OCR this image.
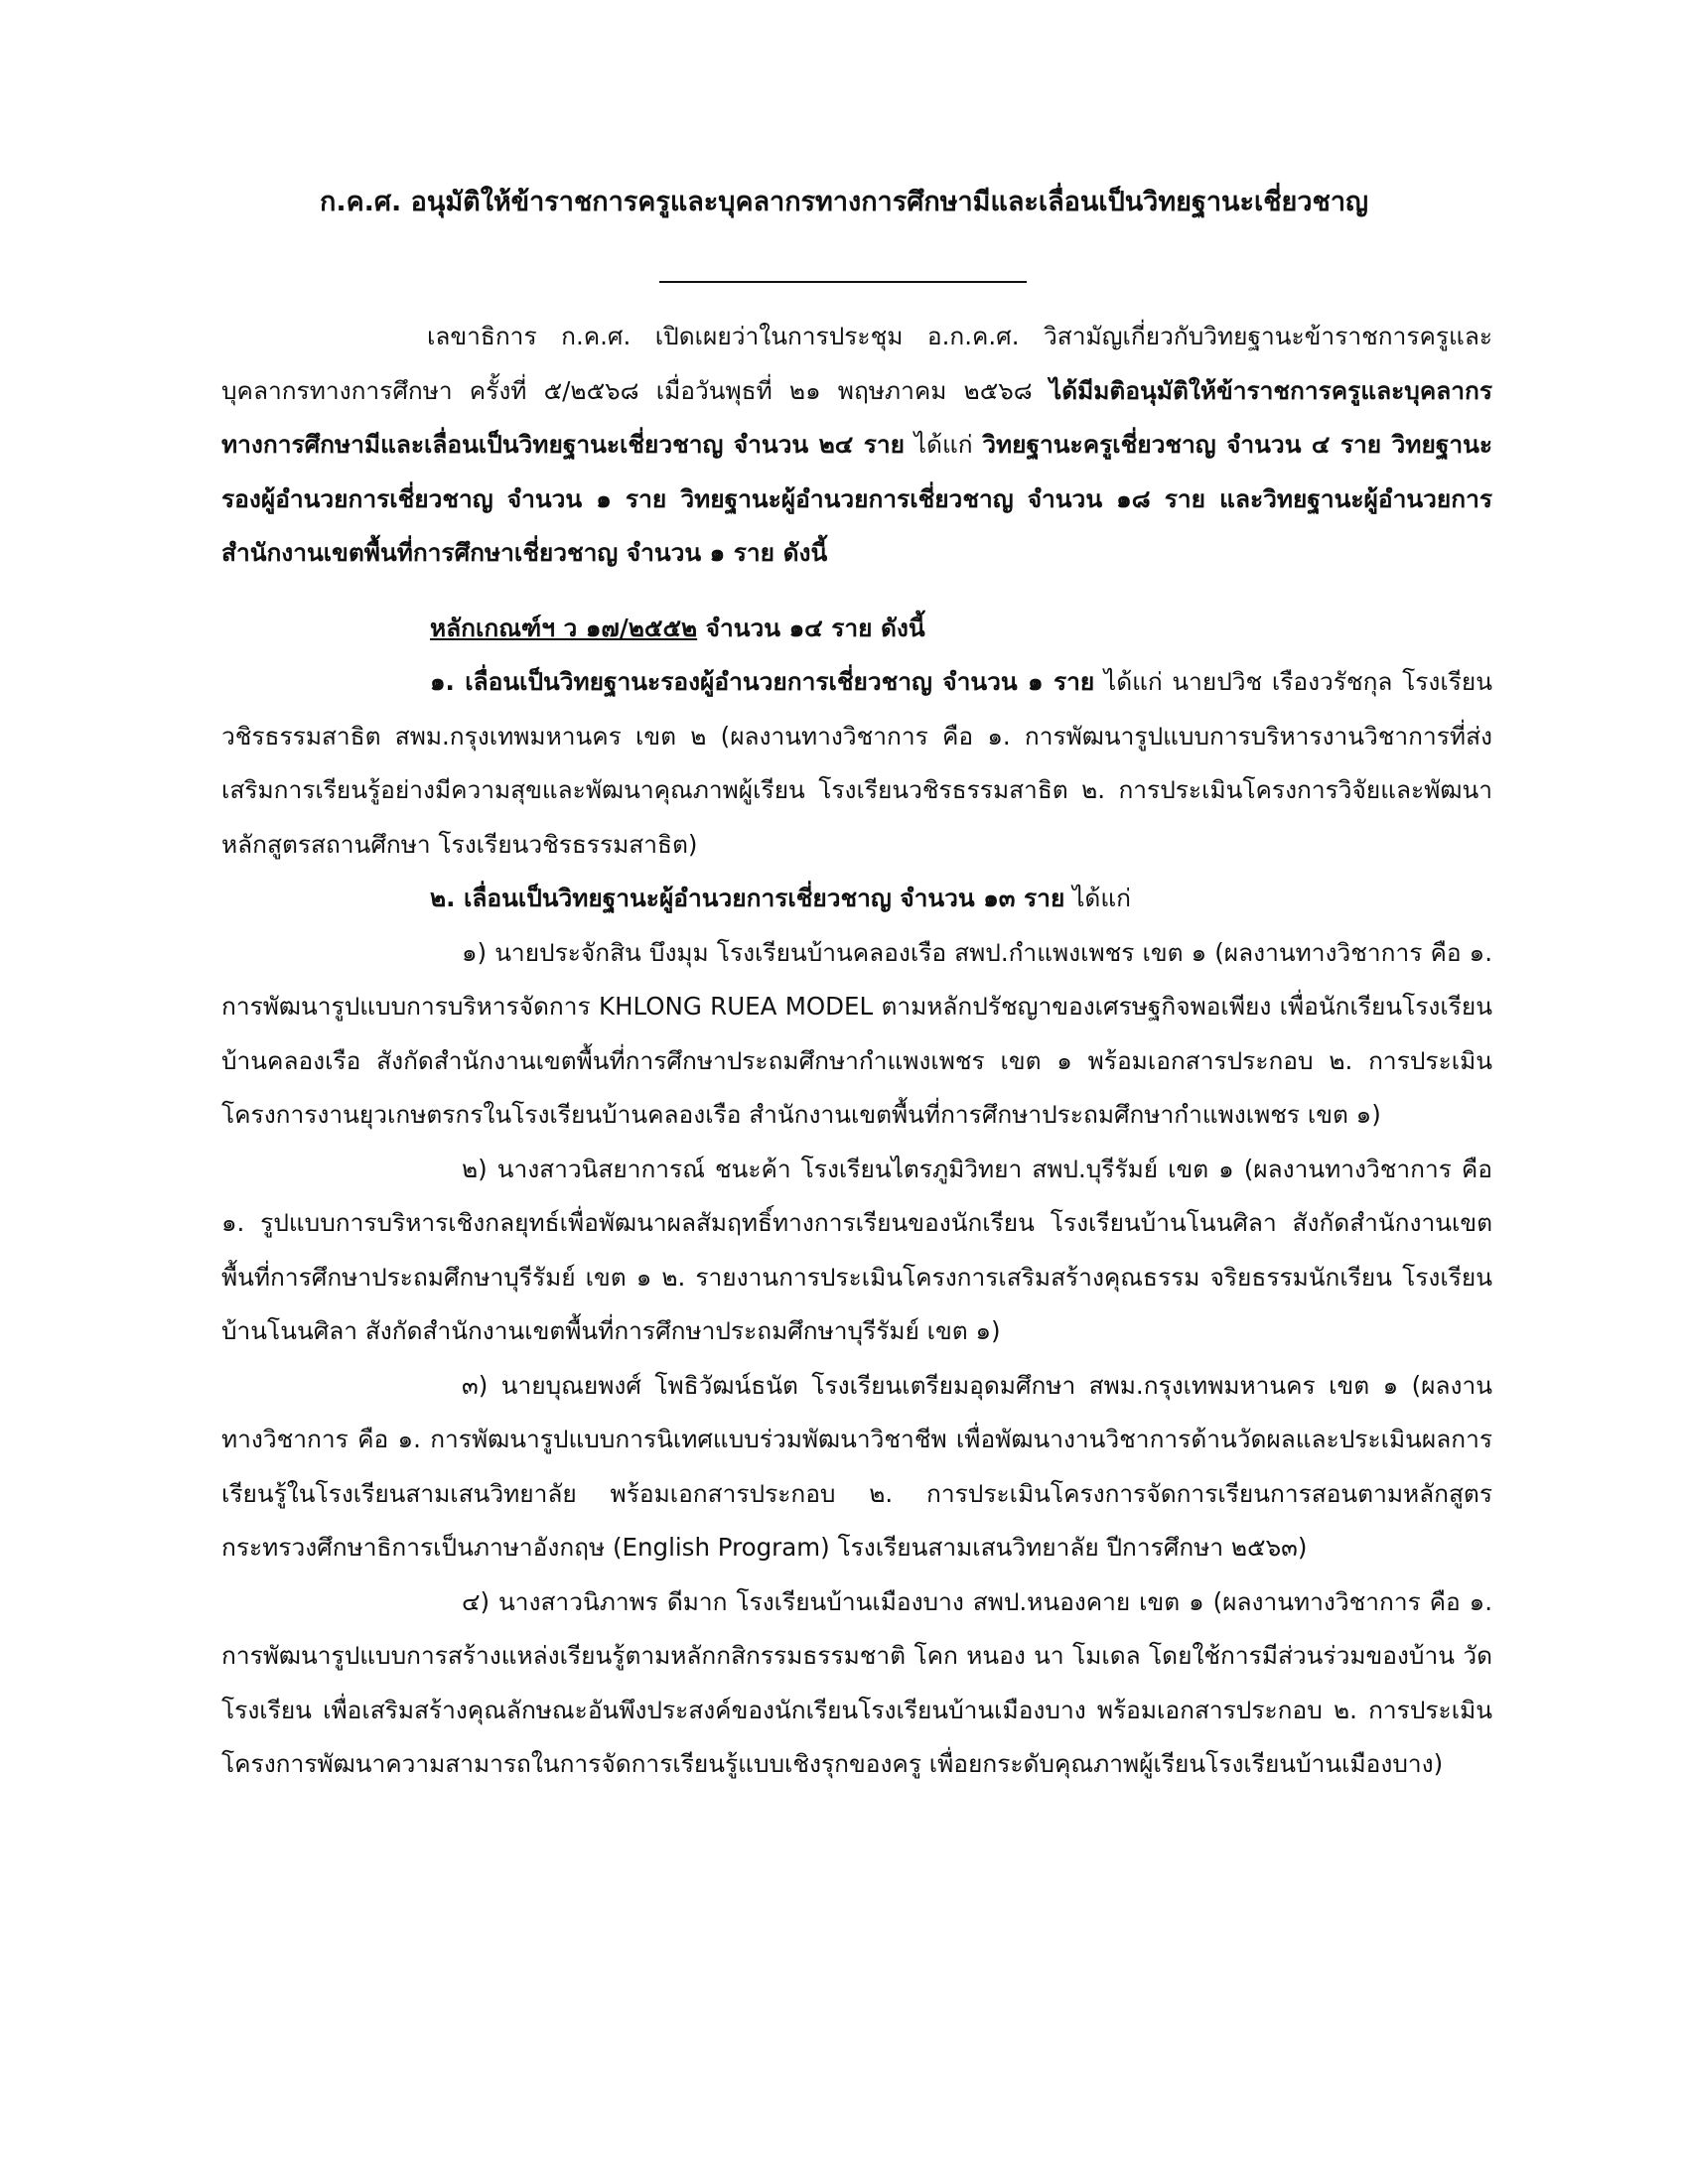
ก.ค.ศ. อนุมัติให้ข้าราชการครูและบุคลากรทางการศึกษามีและเลื่อนเป็นวิทยฐานะเชี่ยวชาญ

เลขาธิการ ก.ค.ศ. เปิดเผยว่าในการประชุม อ.ก.ค.ศ. วิสามัญเกี่ยวกับวิทยฐานะข้าราชการครูและบุคลากรทางการศึกษา ครั้งที่ ๕/๒๕๖๘ เมื่อวันพุธที่ ๒๑ พฤษภาคม ๒๕๖๘ ได้มีมติอนุมัติให้ข้าราชการครูและบุคลากรทางการศึกษามีและเลื่อนเป็นวิทยฐานะเชี่ยวชาญ จำนวน ๒๔ ราย ได้แก่ วิทยฐานะครูเชี่ยวชาญ จำนวน ๔ ราย วิทยฐานะรองผู้อำนวยการเชี่ยวชาญ จำนวน ๑ ราย วิทยฐานะผู้อำนวยการเชี่ยวชาญ จำนวน ๑๘ ราย และวิทยฐานะผู้อำนวยการสำนักงานเขตพื้นที่การศึกษาเชี่ยวชาญ จำนวน ๑ ราย ดังนี้

หลักเกณฑ์ฯ ว ๑๗/๒๕๕๒ จำนวน ๑๔ ราย ดังนี้

๑. เลื่อนเป็นวิทยฐานะรองผู้อำนวยการเชี่ยวชาญ จำนวน ๑ ราย ได้แก่ นายปวิช เรืองวรัชกุล โรงเรียนวชิรธรรมสาธิต สพม.กรุงเทพมหานคร เขต ๒ (ผลงานทางวิชาการ คือ ๑. การพัฒนารูปแบบการบริหารงานวิชาการที่ส่งเสริมการเรียนรู้อย่างมีความสุขและพัฒนาคุณภาพผู้เรียน โรงเรียนวชิรธรรมสาธิต ๒. การประเมินโครงการวิจัยและพัฒนาหลักสูตรสถานศึกษา โรงเรียนวชิรธรรมสาธิต)

๒. เลื่อนเป็นวิทยฐานะผู้อำนวยการเชี่ยวชาญ จำนวน ๑๓ ราย ได้แก่

๑) นายประจักสิน บึงมุม โรงเรียนบ้านคลองเรือ สพป.กำแพงเพชร เขต ๑ (ผลงานทางวิชาการ คือ ๑. การพัฒนารูปแบบการบริหารจัดการ KHLONG RUEA MODEL ตามหลักปรัชญาของเศรษฐกิจพอเพียง เพื่อนักเรียนโรงเรียนบ้านคลองเรือ สังกัดสำนักงานเขตพื้นที่การศึกษาประถมศึกษากำแพงเพชร เขต ๑ พร้อมเอกสารประกอบ ๒. การประเมินโครงการงานยุวเกษตรกรในโรงเรียนบ้านคลองเรือ สำนักงานเขตพื้นที่การศึกษาประถมศึกษากำแพงเพชร เขต ๑)

๒) นางสาวนิสยาการณ์ ชนะค้า โรงเรียนไตรภูมิวิทยา สพป.บุรีรัมย์ เขต ๑ (ผลงานทางวิชาการ คือ ๑. รูปแบบการบริหารเชิงกลยุทธ์เพื่อพัฒนาผลสัมฤทธิ์ทางการเรียนของนักเรียน โรงเรียนบ้านโนนศิลา สังกัดสำนักงานเขตพื้นที่การศึกษาประถมศึกษาบุรีรัมย์ เขต ๑ ๒. รายงานการประเมินโครงการเสริมสร้างคุณธรรม จริยธรรมนักเรียน โรงเรียนบ้านโนนศิลา สังกัดสำนักงานเขตพื้นที่การศึกษาประถมศึกษาบุรีรัมย์ เขต ๑)

๓) นายบุณยพงศ์ โพธิวัฒน์ธนัต โรงเรียนเตรียมอุดมศึกษา สพม.กรุงเทพมหานคร เขต ๑ (ผลงานทางวิชาการ คือ ๑. การพัฒนารูปแบบการนิเทศแบบร่วมพัฒนาวิชาชีพ เพื่อพัฒนางานวิชาการด้านวัดผลและประเมินผลการเรียนรู้ในโรงเรียนสามเสนวิทยาลัย พร้อมเอกสารประกอบ ๒. การประเมินโครงการจัดการเรียนการสอนตามหลักสูตรกระทรวงศึกษาธิการเป็นภาษาอังกฤษ (English Program) โรงเรียนสามเสนวิทยาลัย ปีการศึกษา ๒๕๖๓)

๔) นางสาวนิภาพร ดีมาก โรงเรียนบ้านเมืองบาง สพป.หนองคาย เขต ๑ (ผลงานทางวิชาการ คือ ๑. การพัฒนารูปแบบการสร้างแหล่งเรียนรู้ตามหลักกสิกรรมธรรมชาติ โคก หนอง นา โมเดล โดยใช้การมีส่วนร่วมของบ้าน วัด โรงเรียน เพื่อเสริมสร้างคุณลักษณะอันพึงประสงค์ของนักเรียนโรงเรียนบ้านเมืองบาง พร้อมเอกสารประกอบ ๒. การประเมินโครงการพัฒนาความสามารถในการจัดการเรียนรู้แบบเชิงรุกของครู เพื่อยกระดับคุณภาพผู้เรียนโรงเรียนบ้านเมืองบาง)
